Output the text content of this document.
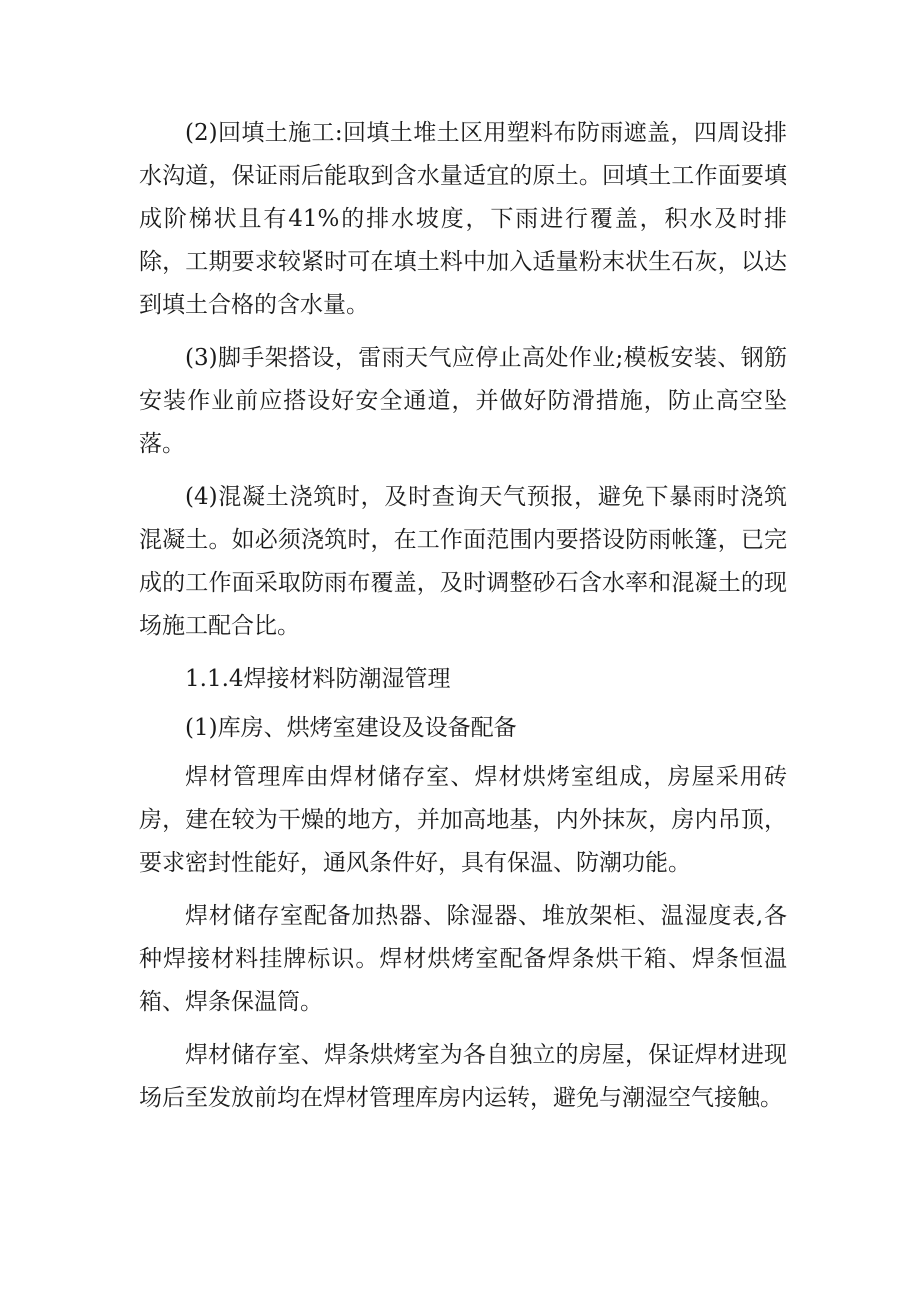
(2)回填土施工:回填土堆土区用塑料布防雨遮盖，四周设排水沟道，保证雨后能取到含水量适宜的原土。回填土工作面要填成阶梯状且有41%的排水坡度，下雨进行覆盖，积水及时排除，工期要求较紧时可在填土料中加入适量粉末状生石灰，以达到填土合格的含水量。

(3)脚手架搭设，雷雨天气应停止高处作业;模板安装、钢筋安装作业前应搭设好安全通道，并做好防滑措施，防止高空坠落。

(4)混凝土浇筑时，及时查询天气预报，避免下暴雨时浇筑混凝土。如必须浇筑时，在工作面范围内要搭设防雨帐篷，已完成的工作面采取防雨布覆盖，及时调整砂石含水率和混凝土的现场施工配合比。

1.1.4焊接材料防潮湿管理

(1)库房、烘烤室建设及设备配备

焊材管理库由焊材储存室、焊材烘烤室组成，房屋采用砖房，建在较为干燥的地方，并加高地基，内外抹灰，房内吊顶，要求密封性能好，通风条件好，具有保温、防潮功能。

焊材储存室配备加热器、除湿器、堆放架柜、温湿度表,各种焊接材料挂牌标识。焊材烘烤室配备焊条烘干箱、焊条恒温箱、焊条保温筒。

焊材储存室、焊条烘烤室为各自独立的房屋，保证焊材进现场后至发放前均在焊材管理库房内运转，避免与潮湿空气接触。
